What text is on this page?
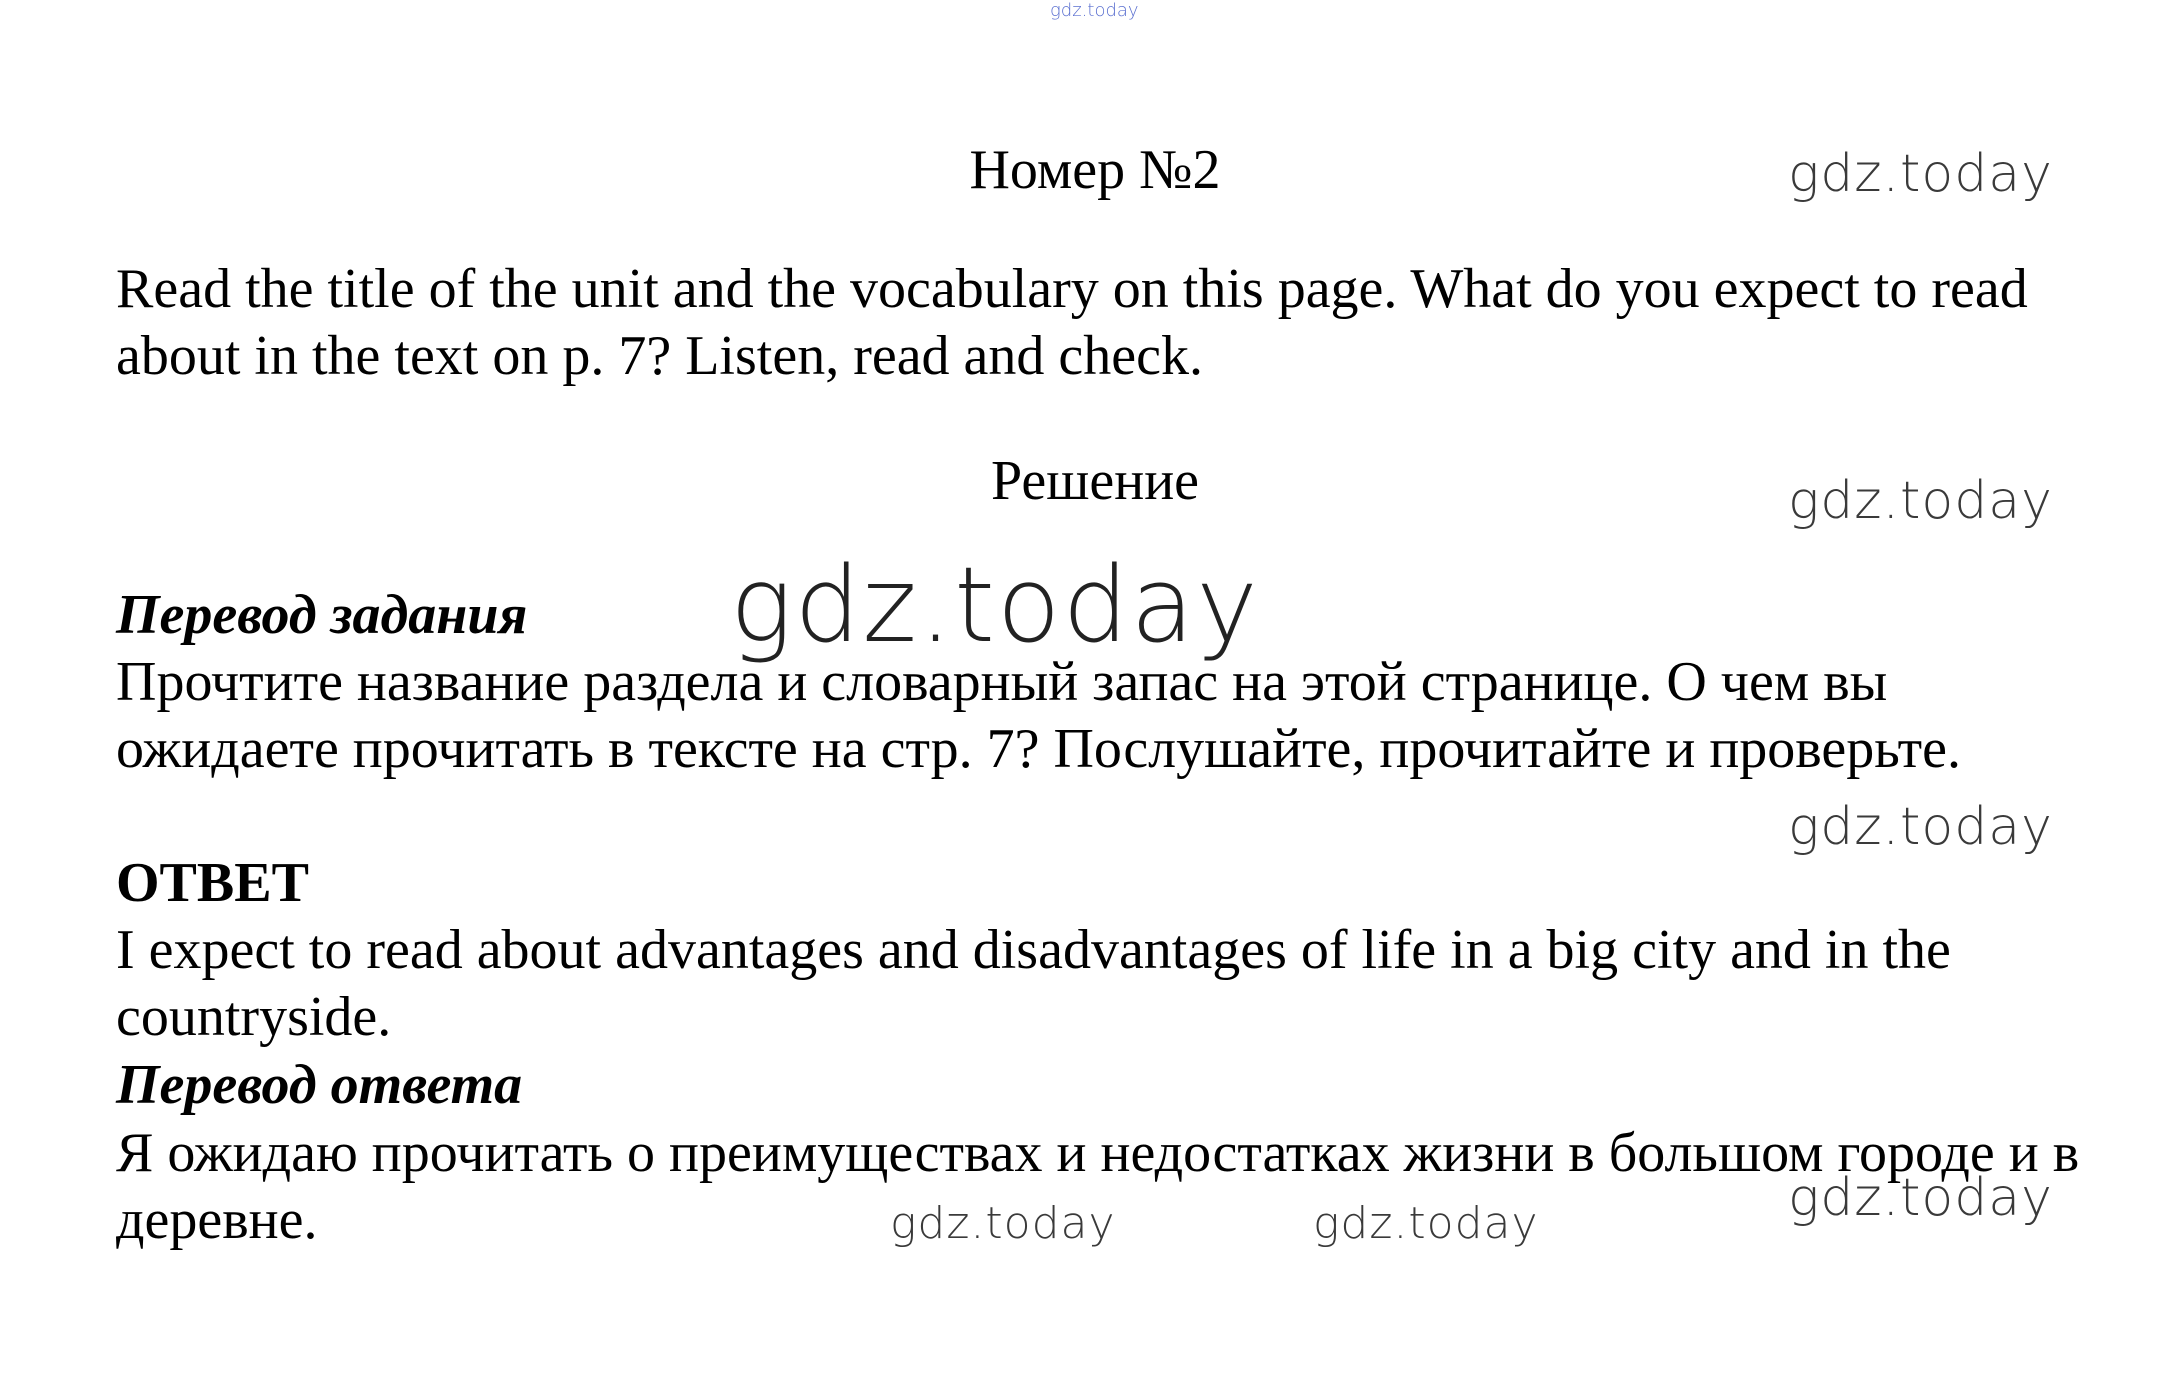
gdz.today
Номер №2	gdz.today

Read the title of the unit and the vocabulary on this page. What do you expect to read about in the text on p. 7? Listen, read and check.

Решение	gdz.today

Перевод задания	gdz.today

Прочтите название раздела и словарный запас на этой странице. О чем вы ожидаете прочитать в тексте на стр. 7? Послушайте, прочитайте и проверьте.

gdz.today

ОТВЕТ

I expect to read about advantages and disadvantages of life in a big city and in the countryside.

Перевод ответа

Я ожидаю прочитать о преимуществах и недостатках жизни в большом городе и в деревне.	gdz.today
gdz.today	gdz.today
